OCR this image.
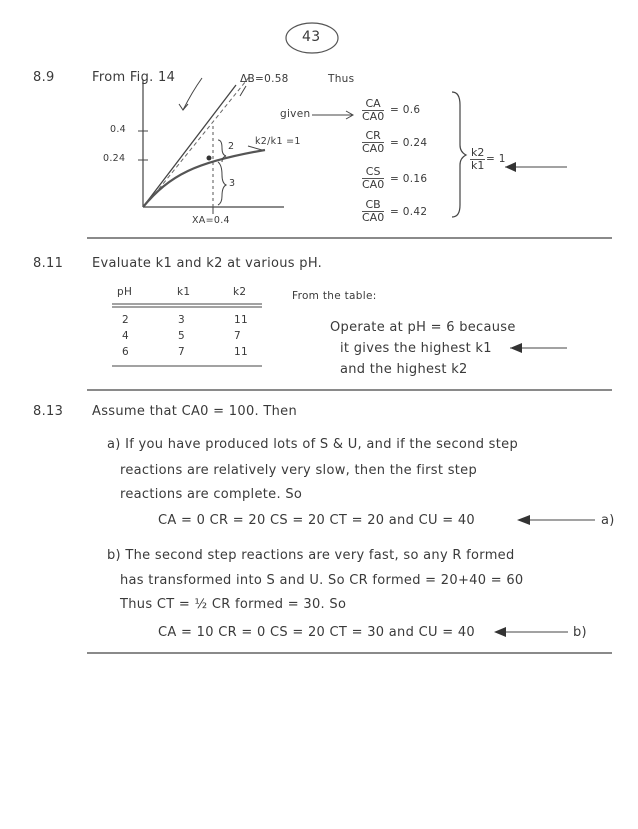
43
8.9	From Fig. 14	ΔB=0.58	Thus
given
0.4
0.24
2
3
k2/k1 =1
XA=0.4
$\frac{CA}{CA0} = 0.6$
$\frac{CR}{CA0} = 0.24$
$\frac{CS}{CA0} = 0.16$
$\frac{CB}{CA0} = 0.42$
$\frac{k2}{k1} = 1$
8.11 Evaluate k1 and k2 at various pH.
pH	k1	k2
2	3	11
4	5	7
6	7	11
From the table:
Operate at pH = 6 because
it gives the highest k1
and the highest k2
8.13 Assume that CA0 = 100. Then
a) If you have produced lots of S & U, and if the second step
reactions are relatively very slow, then the first step
reactions are complete. So
CA = 0 CR = 20 CS = 20 CT = 20 and CU = 40	a)
b) The second step reactions are very fast, so any R formed
has transformed into S and U. So CR formed = 20+40 = 60
Thus CT = ½ CR formed = 30. So
CA = 10 CR = 0 CS = 20 CT = 30 and CU = 40	b)
